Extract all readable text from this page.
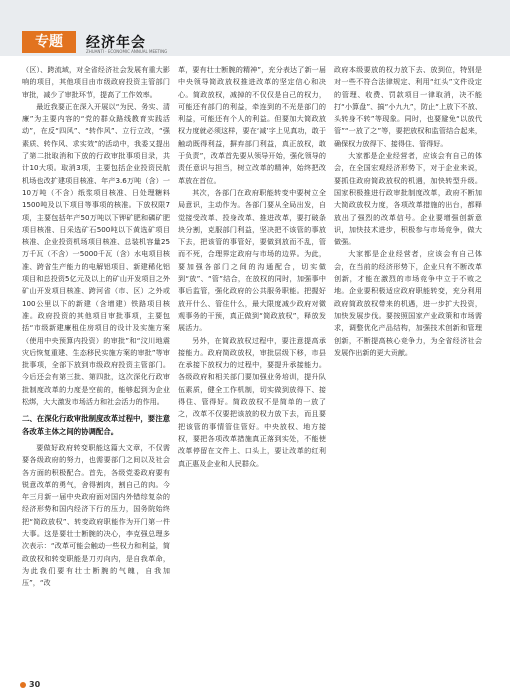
专题	经济年会
ZHUANTI · ECONOMIC ANNUAL MEETING

（区）、跨流域，对全省经济社会发展有重大影响的项目，其他项目由市级政府投资主管部门审批，减少了审批环节，提高了工作效率。

最近我要正在深入开展以“为民、务实、清廉”为主要内容的“党的群众路线教育实践活动”，在反“四风”、“转作风”、立行立改，“强素质、转作风、求实效”的活动中，我委又提出了第二批取消和下放的行政审批事项目录，共计10大项。取消3项，主要包括企业投资民航机场也改扩建项目核准、年产3.6万吨（含）一10万吨（不含）纸浆项目核准、日处理糖料1500吨及以下项目等事项的核准。下放权限7项，主要包括年产50万吨以下钾矿肥和磷矿肥项目核准、日采选矿石500吨以下黄选矿项目核准、企业投资机场项目核准、总装机容量25万千瓦（不含）一5000千瓦（含）水电项目核准、跨省生产能力的电解铝项目、新建稀化铝项目和总投资5亿元及以上的矿山开发项目之外矿山开发项目核准、跨河省（市、区）之外或100公里以下的新建（含增建）铁路项目核准。政府投资的其他项目审批事项，主要包括“市级新建廉租住房项目的设计及实施方案（使用中央预算内投资）的审批”和“汶川地震灾后恢复重建、生态移民实施方案的审批”等审批事项，全部下放到市级政府投资主管部门。今后还会有第三批、第四批，这次深化行政审批制度改革的力度是空前的，能够起到为企业松绑，大大激发市场活力和社会活力的作用。

二、在深化行政审批制度改革过程中，要注意各改革主体之间的协调配合。

要做好政府转变职能这篇大文章，不仅需要各级政府的努力，也需要部门之间以及社会各方面的积极配合。首先，各级党委政府要有锐意改革的勇气，舍得割肉，割自己的肉。今年三月新一届中央政府面对国内外错综复杂的经济形势和国内经济下行的压力，国务院始终把“简政放权”、转变政府职能作为开门第一件大事。这是要壮士断腕的决心，李克强总理多次表示：“改革可能会触动一些权力和利益，简政放权和转变职能是刀刃向内，是自我革命，为此我们要有壮士断腕的气魄，自我加压”，“改

革，要有壮士断腕的精神”，充分表达了新一届中央领导简政放权推进改革的坚定信心和决心。简政放权，减掉的不仅仅是自己的权力，可能还有部门的利益，牵连到的不光是部门的利益，可能还有个人的利益。但要加大简政放权力度就必须这样，要在‘减’字上见真功，敢于触动既得利益，摒弃部门利益，真正放权，敢于负责”，改革首先要从领导开始，强化领导的责任意识与担当，树立改革的精神，始终把改革放在首位。

其次，各部门在政府职能转变中要树立全局意识，主动作为。各部门要从全局出发，自觉接受改革、投身改革、推进改革，要打破条块分割，克服部门利益，坚决把不该管的事放下去，把该管的事管好，要做到放而不乱，管而不死，合理界定政府与市场的边界。为此，要加强各部门之间的沟通配合，切实做到“放”、“管”结合，在放权的同时，加强事中事后监管，强化政府的公共服务职能。把握好放开什么、管住什么，最大限度减少政府对微观事务的干预，真正做到“简政放权”，释放发展活力。

另外，在简政放权过程中，要注意提高承接能力。政府简政放权，审批层级下移，市县在承接下放权力的过程中，要提升承接能力。各级政府和相关部门要加强业务培训，提升队伍素质，健全工作机制，切实做到放得下、接得住、管得好。简政放权不是简单的一放了之，改革不仅要把该放的权力放下去，而且要把该管的事情管住管好。中央放权、地方接权，要把各项改革措施真正落到实处，不能使改革停留在文件上、口头上，要让改革的红利真正惠及企业和人民群众。

政府本级要放的权力放下去、放到位，特别是对一些不符合法律规定、利用“红头”文件设定的管理、收费、罚款项目一律取消，决不能打“小算盘”、搞“小九九”，防止“上放下不放、头转身不转”等现象。同时，也要避免“以放代管”“一放了之”等，要把放权和监管结合起来，确保权力放得下、接得住、管得好。

大家都是企业经营者，应该会有自己的体会，在全国宏观经济形势下，对于企业来说，要抓住政府简政放权的机遇，加快转型升级。国家积极推进行政审批制度改革，政府不断加大简政放权力度，各项改革措施的出台，都释放出了强烈的改革信号。企业要增强创新意识，加快技术进步，积极参与市场竞争，做大做强。

大家都是企业经营者，应该会有自己体会，在当前的经济形势下，企业只有不断改革创新，才能在激烈的市场竞争中立于不败之地。企业要积极适应政府职能转变，充分利用政府简政放权带来的机遇，进一步扩大投资，加快发展步伐。要按照国家产业政策和市场需求，调整优化产品结构，加强技术创新和管理创新，不断提高核心竞争力，为全省经济社会发展作出新的更大贡献。

30
